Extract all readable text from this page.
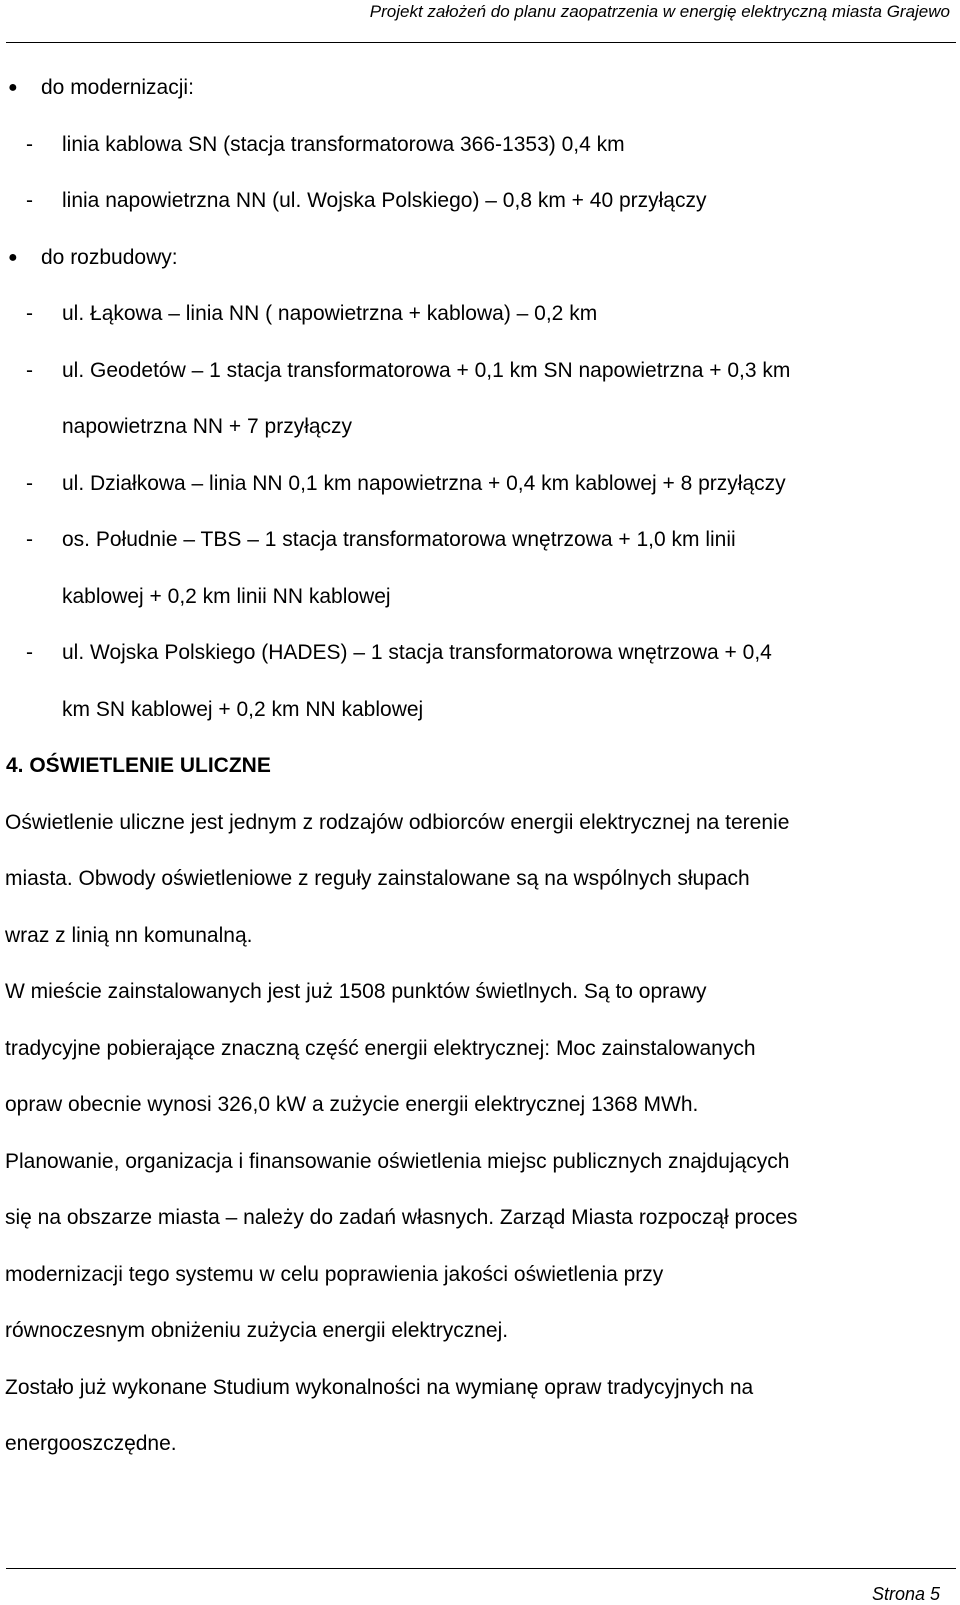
Projekt założeń do planu zaopatrzenia w energię elektryczną miasta Grajewo
● do modernizacji:
- linia kablowa SN (stacja transformatorowa 366-1353) 0,4 km
- linia napowietrzna NN (ul. Wojska Polskiego) – 0,8 km + 40 przyłączy
● do rozbudowy:
- ul. Łąkowa – linia NN ( napowietrzna + kablowa) – 0,2 km
- ul. Geodetów – 1 stacja transformatorowa + 0,1 km SN napowietrzna + 0,3 km
napowietrzna NN + 7 przyłączy
- ul. Działkowa – linia NN 0,1 km napowietrzna + 0,4 km kablowej + 8 przyłączy
- os. Południe – TBS – 1 stacja transformatorowa wnętrzowa + 1,0 km linii
kablowej + 0,2 km linii NN kablowej
- ul. Wojska Polskiego (HADES) – 1 stacja transformatorowa wnętrzowa + 0,4
km SN kablowej + 0,2 km NN kablowej
4. OŚWIETLENIE ULICZNE
Oświetlenie uliczne jest jednym z rodzajów odbiorców energii elektrycznej na terenie
miasta. Obwody oświetleniowe z reguły zainstalowane są na wspólnych słupach
wraz z linią nn komunalną.
W mieście zainstalowanych jest już 1508 punktów świetlnych. Są to oprawy
tradycyjne pobierające znaczną część energii elektrycznej: Moc zainstalowanych
opraw obecnie wynosi 326,0 kW a zużycie energii elektrycznej 1368 MWh.
Planowanie, organizacja i finansowanie oświetlenia miejsc publicznych znajdujących
się na obszarze miasta – należy do zadań własnych. Zarząd Miasta rozpoczął proces
modernizacji tego systemu w celu poprawienia jakości oświetlenia przy
równoczesnym obniżeniu zużycia energii elektrycznej.
Zostało już wykonane Studium wykonalności na wymianę opraw tradycyjnych na
energooszczędne.
Strona 5
